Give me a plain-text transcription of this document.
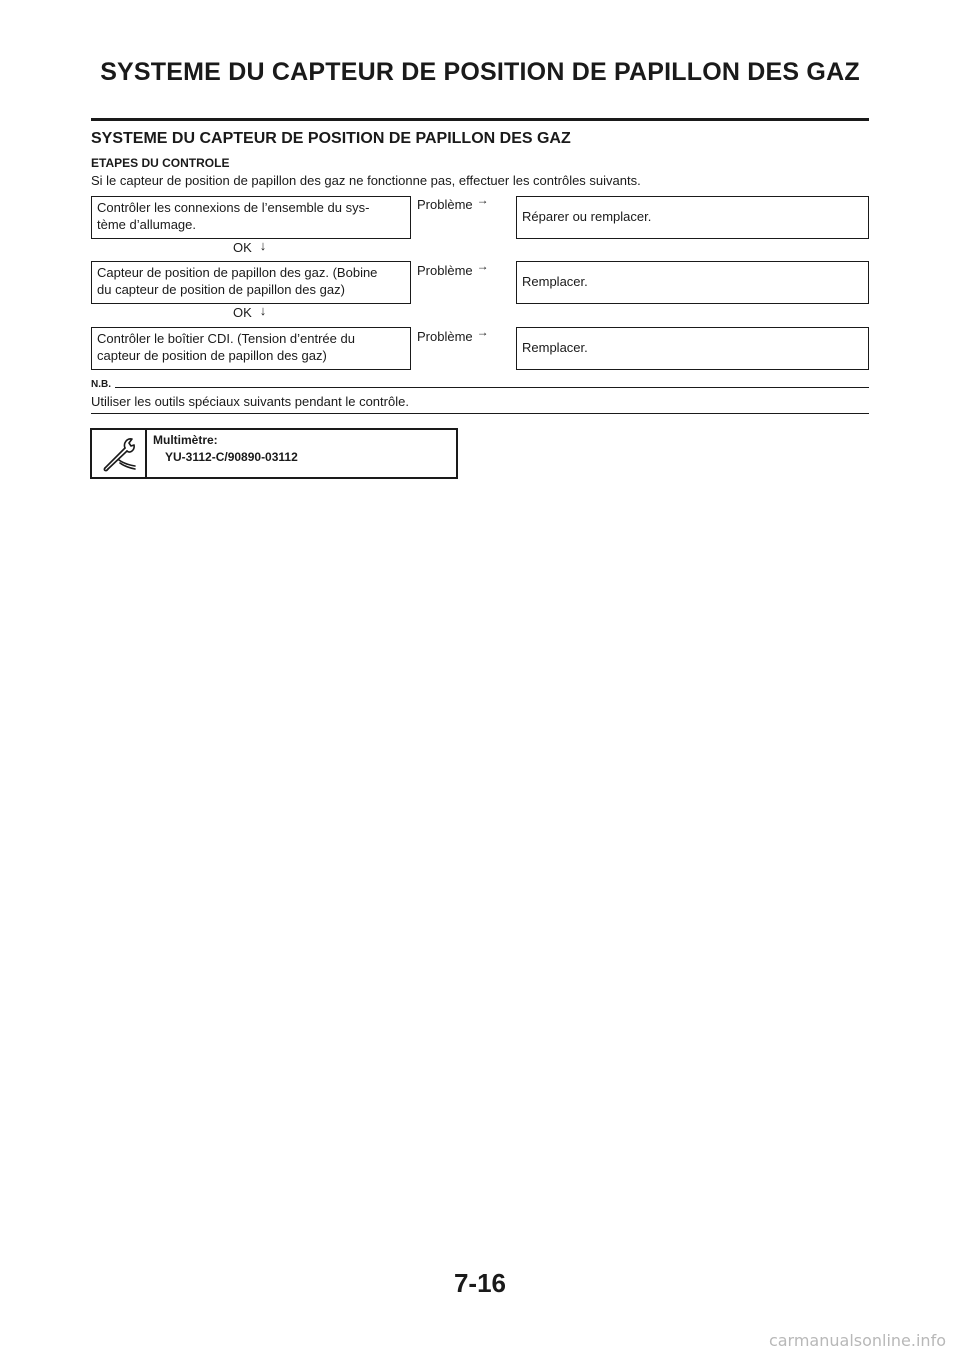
SYSTEME DU CAPTEUR DE POSITION DE PAPILLON DES GAZ
SYSTEME DU CAPTEUR DE POSITION DE PAPILLON DES GAZ
ETAPES DU CONTROLE
Si le capteur de position de papillon des gaz ne fonctionne pas, effectuer les contrôles suivants.
Contrôler les connexions de l’ensemble du sys-
tème d’allumage.
Problème →
Réparer ou remplacer.
OK ↓
Capteur de position de papillon des gaz. (Bobine
du capteur de position de papillon des gaz)
Problème →
Remplacer.
OK ↓
Contrôler le boîtier CDI. (Tension d’entrée du
capteur de position de papillon des gaz)
Problème →
Remplacer.
N.B.
Utiliser les outils spéciaux suivants pendant le contrôle.
Multimètre:
YU-3112-C/90890-03112
7-16
carmanualsonline.info
